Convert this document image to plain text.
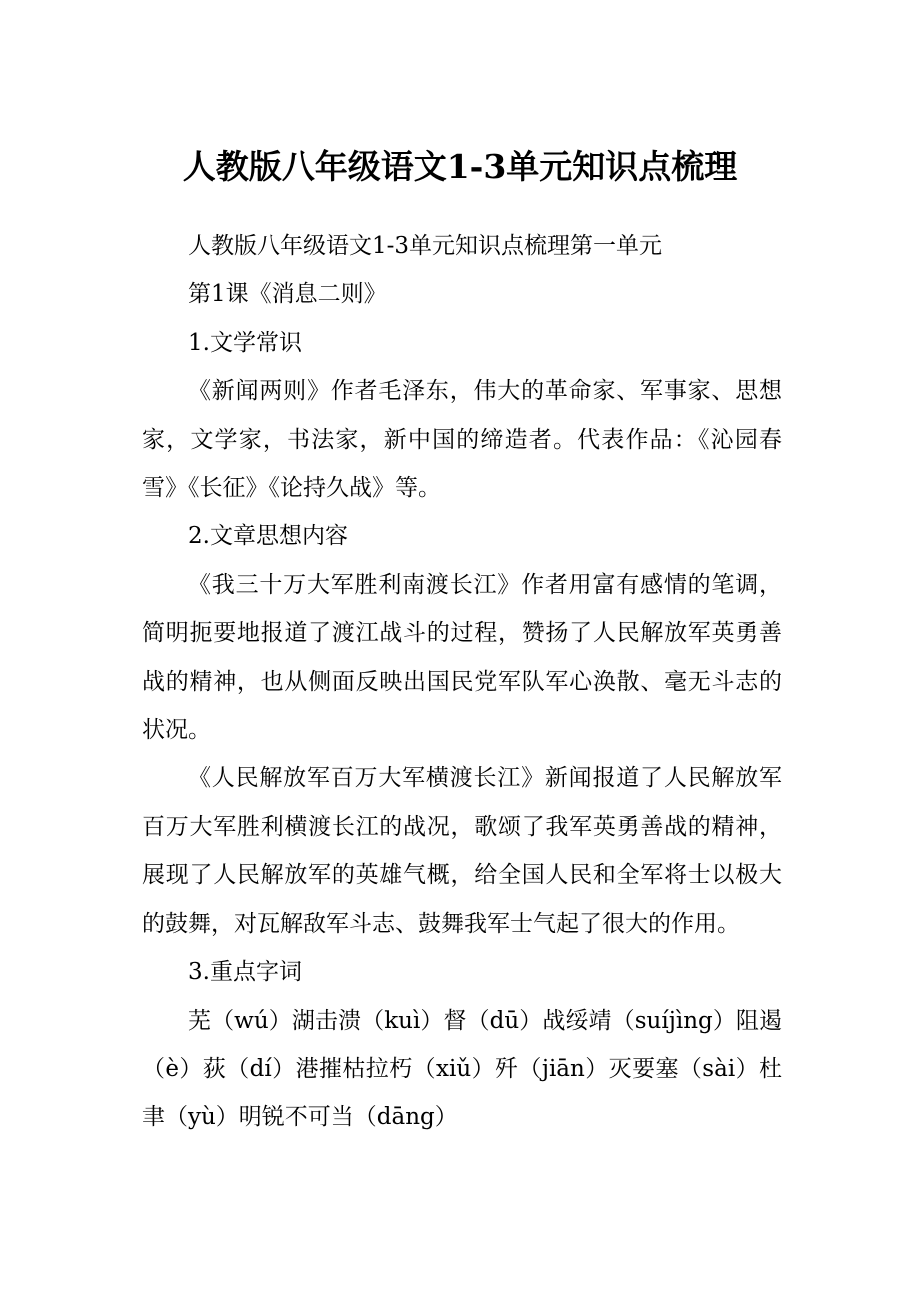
人教版八年级语文1-3单元知识点梳理

人教版八年级语文1-3单元知识点梳理第一单元

第1课《消息二则》

1.文学常识

《新闻两则》作者毛泽东，伟大的革命家、军事家、思想家，文学家，书法家，新中国的缔造者。代表作品：《沁园春雪》《长征》《论持久战》等。

2.文章思想内容

《我三十万大军胜利南渡长江》作者用富有感情的笔调，简明扼要地报道了渡江战斗的过程，赞扬了人民解放军英勇善战的精神，也从侧面反映出国民党军队军心涣散、毫无斗志的状况。

《人民解放军百万大军横渡长江》新闻报道了人民解放军百万大军胜利横渡长江的战况，歌颂了我军英勇善战的精神，展现了人民解放军的英雄气概，给全国人民和全军将士以极大的鼓舞，对瓦解敌军斗志、鼓舞我军士气起了很大的作用。

3.重点字词

芜（wú）湖击溃（kuì）督（dū）战绥靖（suíjìng）阻遏（è）荻（dí）港摧枯拉朽（xiǔ）歼（jiān）灭要塞（sài）杜聿（yù）明锐不可当（dāng）
